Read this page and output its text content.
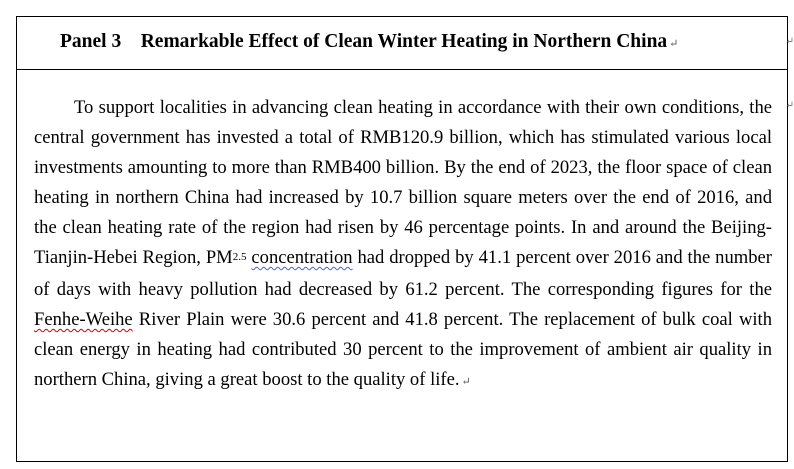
Panel 3    Remarkable Effect of Clean Winter Heating in Northern China ↵

To support localities in advancing clean heating in accordance with their own conditions, the central government has invested a total of RMB120.9 billion, which has stimulated various local investments amounting to more than RMB400 billion. By the end of 2023, the floor space of clean heating in northern China had increased by 10.7 billion square meters over the end of 2016, and the clean heating rate of the region had risen by 46 percentage points. In and around the Beijing-Tianjin-Hebei Region, PM2.5 concentration had dropped by 41.1 percent over 2016 and the number of days with heavy pollution had decreased by 61.2 percent. The corresponding figures for the Fenhe-Weihe River Plain were 30.6 percent and 41.8 percent. The replacement of bulk coal with clean energy in heating had contributed 30 percent to the improvement of ambient air quality in northern China, giving a great boost to the quality of life. ↵

↵
↵
